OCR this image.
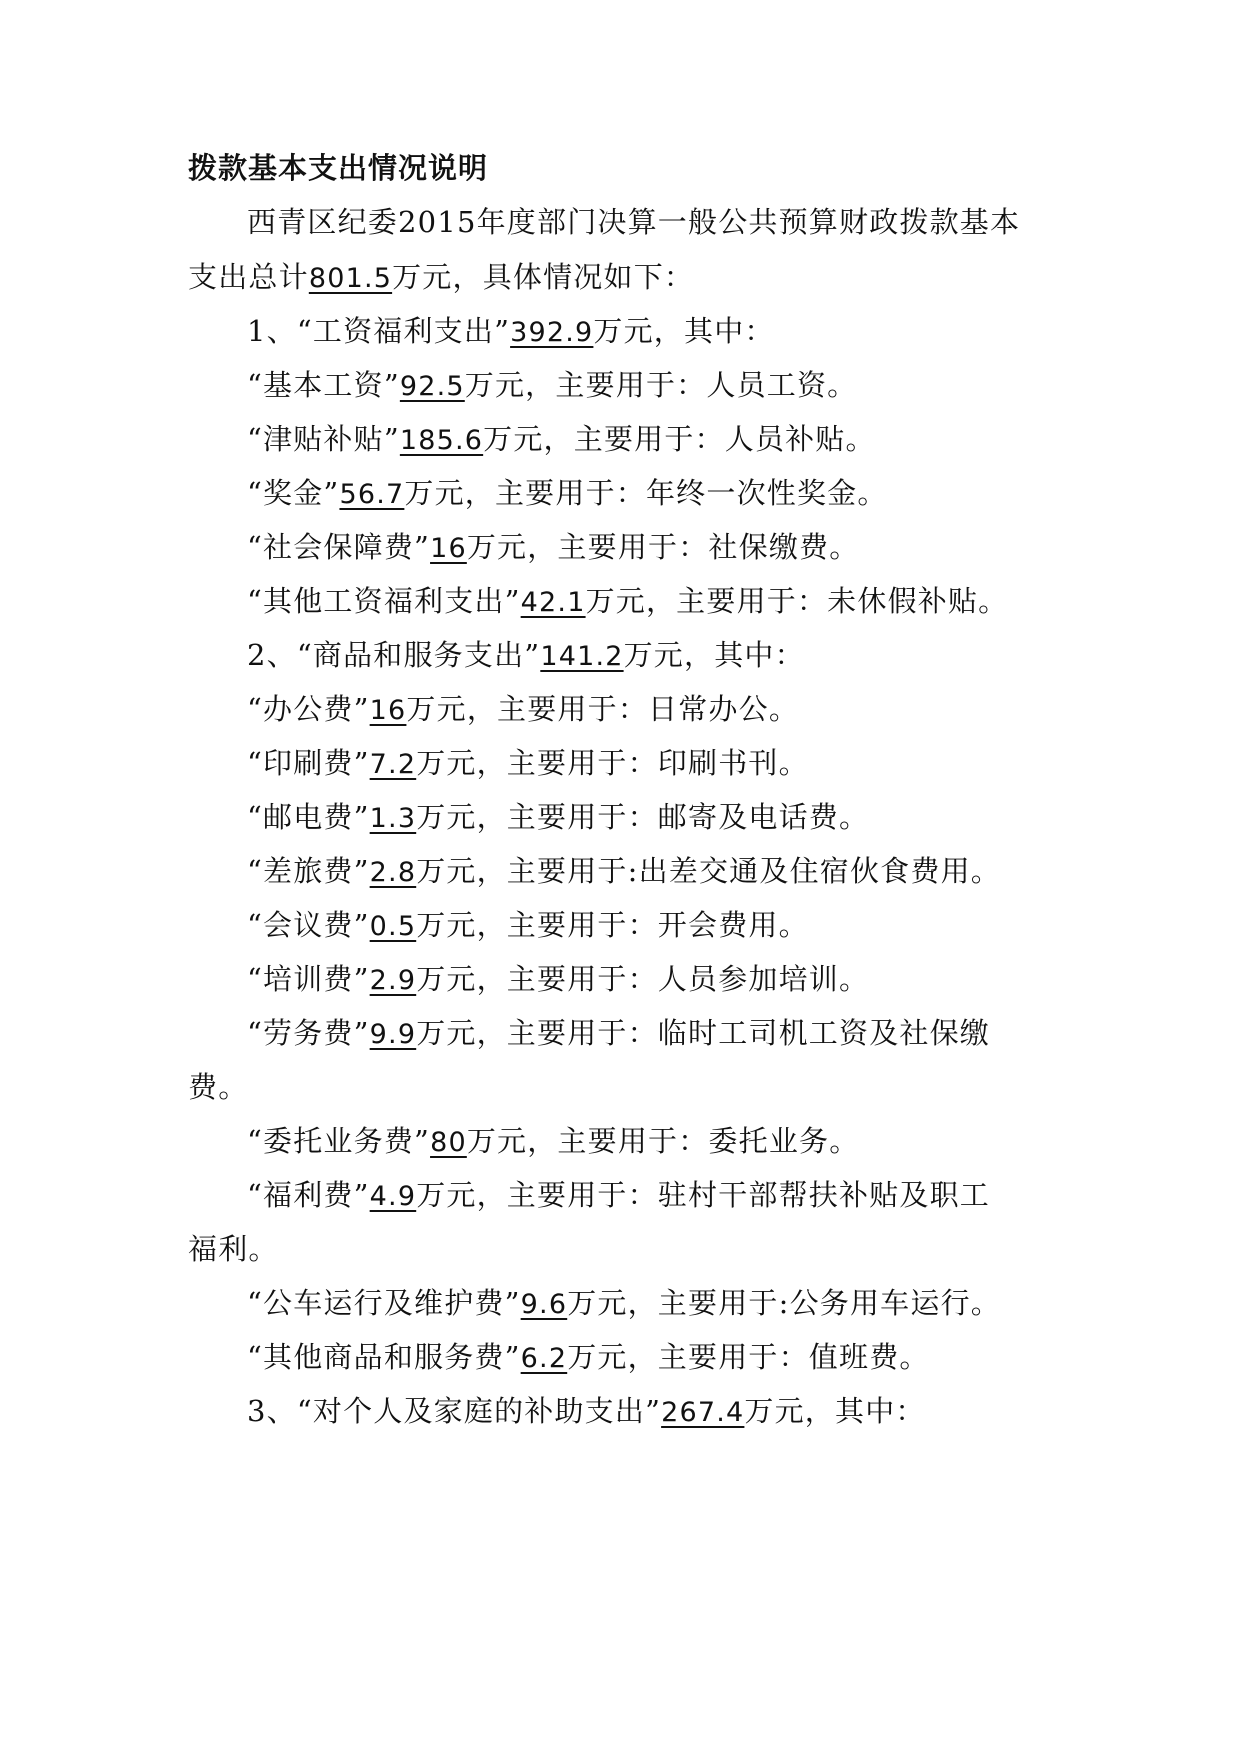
拨款基本支出情况说明
西青区纪委2015年度部门决算一般公共预算财政拨款基本
支出总计801.5万元，具体情况如下：
1、“工资福利支出”392.9万元，其中：
“基本工资”92.5万元，主要用于：人员工资。
“津贴补贴”185.6万元，主要用于：人员补贴。
“奖金”56.7万元，主要用于：年终一次性奖金。
“社会保障费”16万元，主要用于：社保缴费。
“其他工资福利支出”42.1万元，主要用于：未休假补贴。
2、“商品和服务支出”141.2万元，其中：
“办公费”16万元，主要用于：日常办公。
“印刷费”7.2万元，主要用于：印刷书刊。
“邮电费”1.3万元，主要用于：邮寄及电话费。
“差旅费”2.8万元，主要用于:出差交通及住宿伙食费用。
“会议费”0.5万元，主要用于：开会费用。
“培训费”2.9万元，主要用于：人员参加培训。
“劳务费”9.9万元，主要用于：临时工司机工资及社保缴
费。
“委托业务费”80万元，主要用于：委托业务。
“福利费”4.9万元，主要用于：驻村干部帮扶补贴及职工
福利。
“公车运行及维护费”9.6万元，主要用于:公务用车运行。
“其他商品和服务费”6.2万元，主要用于：值班费。
3、“对个人及家庭的补助支出”267.4万元，其中：
